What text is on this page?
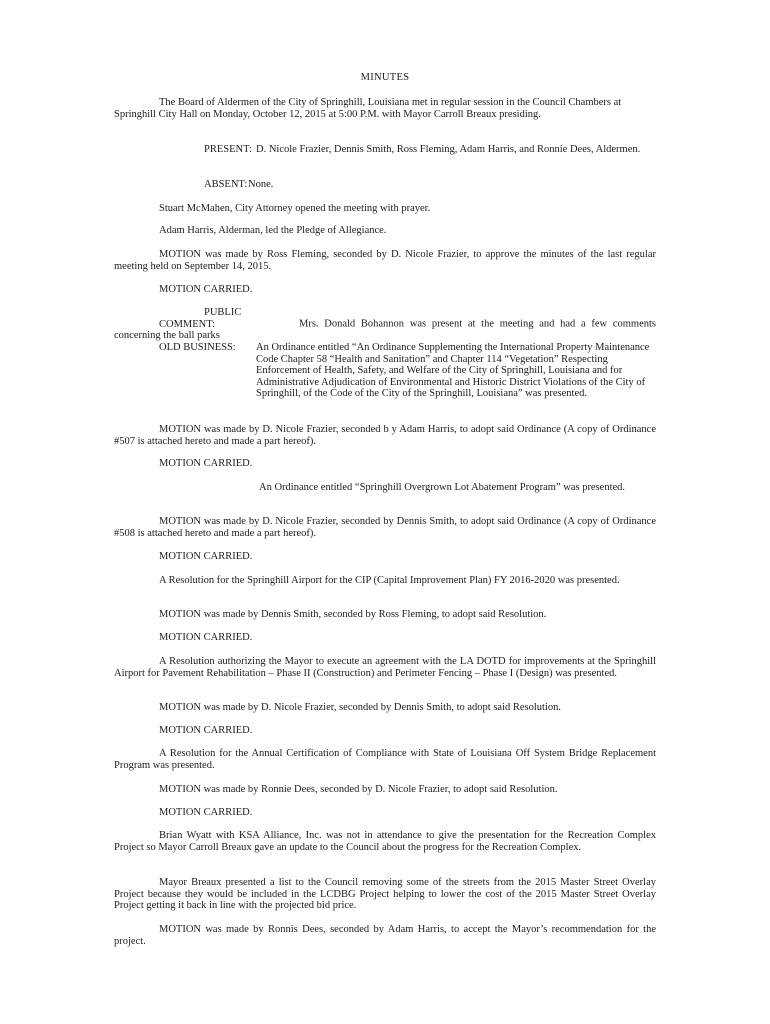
MINUTES

The Board of Aldermen of the City of Springhill, Louisiana met in regular session in the Council Chambers at Springhill City Hall on Monday, October 12, 2015 at 5:00 P.M. with Mayor Carroll Breaux presiding.

PRESENT: D. Nicole Frazier, Dennis Smith, Ross Fleming, Adam Harris, and Ronnie Dees, Aldermen.

ABSENT:None.

Stuart McMahen, City Attorney opened the meeting with prayer.

Adam Harris, Alderman, led the Pledge of Allegiance.

MOTION was made by Ross Fleming, seconded by D. Nicole Frazier, to approve the minutes of the last regular meeting held on September 14, 2015.

MOTION CARRIED.

PUBLIC COMMENT:	Mrs. Donald Bohannon was present at the meeting and had a few comments concerning the ball parks

OLD BUSINESS: An Ordinance entitled “An Ordinance Supplementing the International Property Maintenance Code Chapter 58 “Health and Sanitation” and Chapter 114 “Vegetation” Respecting Enforcement of Health, Safety, and Welfare of the City of Springhill, Louisiana and for Administrative Adjudication of Environmental and Historic District Violations of the City of Springhill, of the Code of the City of the Springhill, Louisiana” was presented.

MOTION was made by D. Nicole Frazier, seconded b y Adam Harris, to adopt said Ordinance (A copy of Ordinance #507 is attached hereto and made a part hereof).

MOTION CARRIED.

An Ordinance entitled “Springhill Overgrown Lot Abatement Program” was presented.

MOTION was made by D. Nicole Frazier, seconded by Dennis Smith, to adopt said Ordinance (A copy of Ordinance #508 is attached hereto and made a part hereof).

MOTION CARRIED.

A Resolution for the Springhill Airport for the CIP (Capital Improvement Plan) FY 2016-2020 was presented.

MOTION was made by Dennis Smith, seconded by Ross Fleming, to adopt said Resolution.

MOTION CARRIED.

A Resolution authorizing the Mayor to execute an agreement with the LA DOTD for improvements at the Springhill Airport for Pavement Rehabilitation – Phase II (Construction) and Perimeter Fencing – Phase I (Design) was presented.

MOTION was made by D. Nicole Frazier, seconded by Dennis Smith, to adopt said Resolution.

MOTION CARRIED.

A Resolution for the Annual Certification of Compliance with State of Louisiana Off System Bridge Replacement Program was presented.

MOTION was made by Ronnie Dees, seconded by D. Nicole Frazier, to adopt said Resolution.

MOTION CARRIED.

Brian Wyatt with KSA Alliance, Inc. was not in attendance to give the presentation for the Recreation Complex Project so Mayor Carroll Breaux gave an update to the Council about the progress for the Recreation Complex.

Mayor Breaux presented a list to the Council removing some of the streets from the 2015 Master Street Overlay Project because they would be included in the LCDBG Project helping to lower the cost of the 2015 Master Street Overlay Project getting it back in line with the projected bid price.

MOTION was made by Ronnis Dees, seconded by Adam Harris, to accept the Mayor’s recommendation for the project.
